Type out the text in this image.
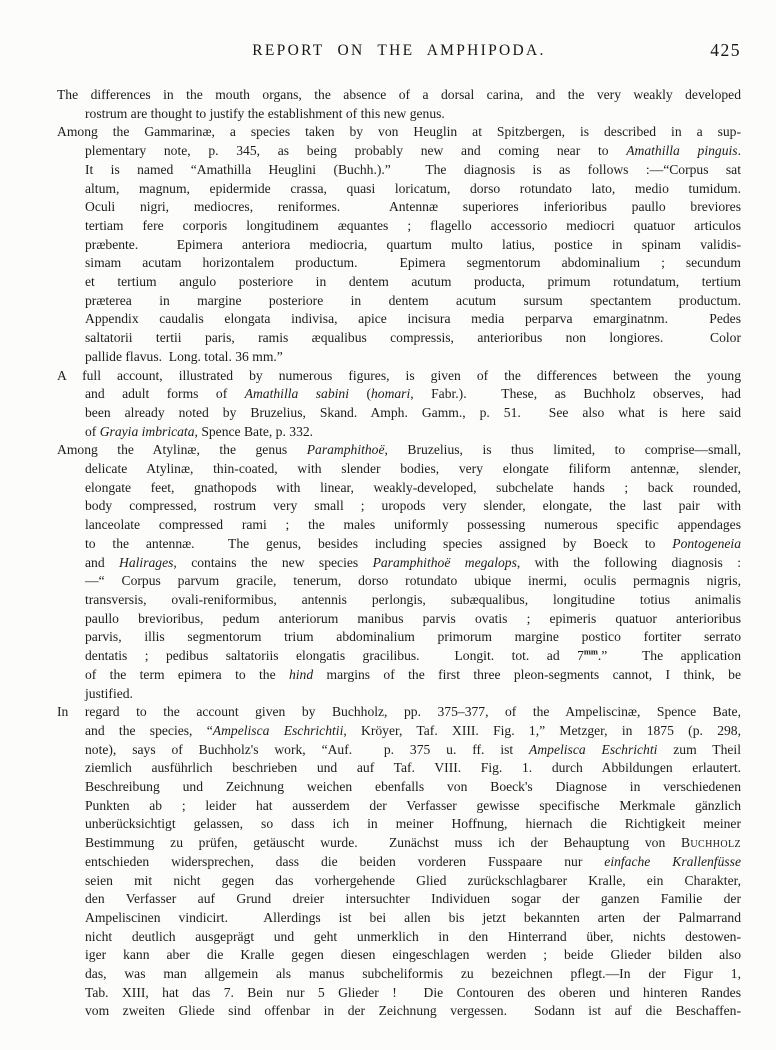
REPORT ON THE AMPHIPODA.	425
The differences in the mouth organs, the absence of a dorsal carina, and the very weakly developed
rostrum are thought to justify the establishment of this new genus.
Among the Gammarinæ, a species taken by von Heuglin at Spitzbergen, is described in a sup-
plementary note, p. 345, as being probably new and coming near to Amathilla pinguis.
It is named “Amathilla Heuglini (Buchh.).”  The diagnosis is as follows :—“Corpus sat
altum, magnum, epidermide crassa, quasi loricatum, dorso rotundato lato, medio tumidum.
Oculi nigri, mediocres, reniformes.  Antennæ superiores inferioribus paullo breviores
tertiam fere corporis longitudinem æquantes ; flagello accessorio mediocri quatuor articulos
præbente.  Epimera anteriora mediocria, quartum multo latius, postice in spinam validis-
simam acutam horizontalem productum.  Epimera segmentorum abdominalium ; secundum
et tertium angulo posteriore in dentem acutum producta, primum rotundatum, tertium
præterea in margine posteriore in dentem acutum sursum spectantem productum.
Appendix caudalis elongata indivisa, apice incisura media perparva emarginatnm.  Pedes
saltatorii tertii paris, ramis æqualibus compressis, anterioribus non longiores.  Color
pallide flavus.  Long. total. 36 mm.”
A full account, illustrated by numerous figures, is given of the differences between the young
and adult forms of Amathilla sabini (homari, Fabr.).  These, as Buchholz observes, had
been already noted by Bruzelius, Skand. Amph. Gamm., p. 51.  See also what is here said
of Grayia imbricata, Spence Bate, p. 332.
Among the Atylinæ, the genus Paramphithoë, Bruzelius, is thus limited, to comprise—small,
delicate Atylinæ, thin-coated, with slender bodies, very elongate filiform antennæ, slender,
elongate feet, gnathopods with linear, weakly-developed, subchelate hands ; back rounded,
body compressed, rostrum very small ; uropods very slender, elongate, the last pair with
lanceolate compressed rami ; the males uniformly possessing numerous specific appendages
to the antennæ.  The genus, besides including species assigned by Boeck to Pontogeneia
and Halirages, contains the new species Paramphithoë megalops, with the following diagnosis :
—“ Corpus parvum gracile, tenerum, dorso rotundato ubique inermi, oculis permagnis nigris,
transversis, ovali-reniformibus, antennis perlongis, subæqualibus, longitudine totius animalis
paullo brevioribus, pedum anteriorum manibus parvis ovatis ; epimeris quatuor anterioribus
parvis, illis segmentorum trium abdominalium primorum margine postico fortiter serrato
dentatis ; pedibus saltatoriis elongatis gracilibus.  Longit. tot. ad $7^{mm}$.”  The application
of the term epimera to the hind margins of the first three pleon-segments cannot, I think, be
justified.
In regard to the account given by Buchholz, pp. 375–377, of the Ampeliscinæ, Spence Bate,
and the species, “Ampelisca Eschrichtii, Kröyer, Taf. XIII. Fig. 1,” Metzger, in 1875 (p. 298,
note), says of Buchholz's work, “Auf.  p. 375 u. ff. ist Ampelisca Eschrichti zum Theil
ziemlich ausführlich beschrieben und auf Taf. VIII. Fig. 1. durch Abbildungen erlautert.
Beschreibung und Zeichnung weichen ebenfalls von Boeck's Diagnose in verschiedenen
Punkten ab ; leider hat ausserdem der Verfasser gewisse specifische Merkmale gänzlich
unberücksichtigt gelassen, so dass ich in meiner Hoffnung, hiernach die Richtigkeit meiner
Bestimmung zu prüfen, getäuscht wurde.  Zunächst muss ich der Behauptung von Buchholz
entschieden widersprechen, dass die beiden vorderen Fusspaare nur einfache Krallenfüsse
seien mit nicht gegen das vorhergehende Glied zurückschlagbarer Kralle, ein Charakter,
den Verfasser auf Grund dreier intersuchter Individuen sogar der ganzen Familie der
Ampeliscinen vindicirt.  Allerdings ist bei allen bis jetzt bekannten arten der Palmarrand
nicht deutlich ausgeprägt und geht unmerklich in den Hinterrand über, nichts destowen-
iger kann aber die Kralle gegen diesen eingeschlagen werden ; beide Glieder bilden also
das, was man allgemein als manus subcheliformis zu bezeichnen pflegt.—In der Figur 1,
Tab. XIII, hat das 7. Bein nur 5 Glieder !  Die Contouren des oberen und hinteren Randes
vom zweiten Gliede sind offenbar in der Zeichnung vergessen.  Sodann ist auf die Beschaffen-
